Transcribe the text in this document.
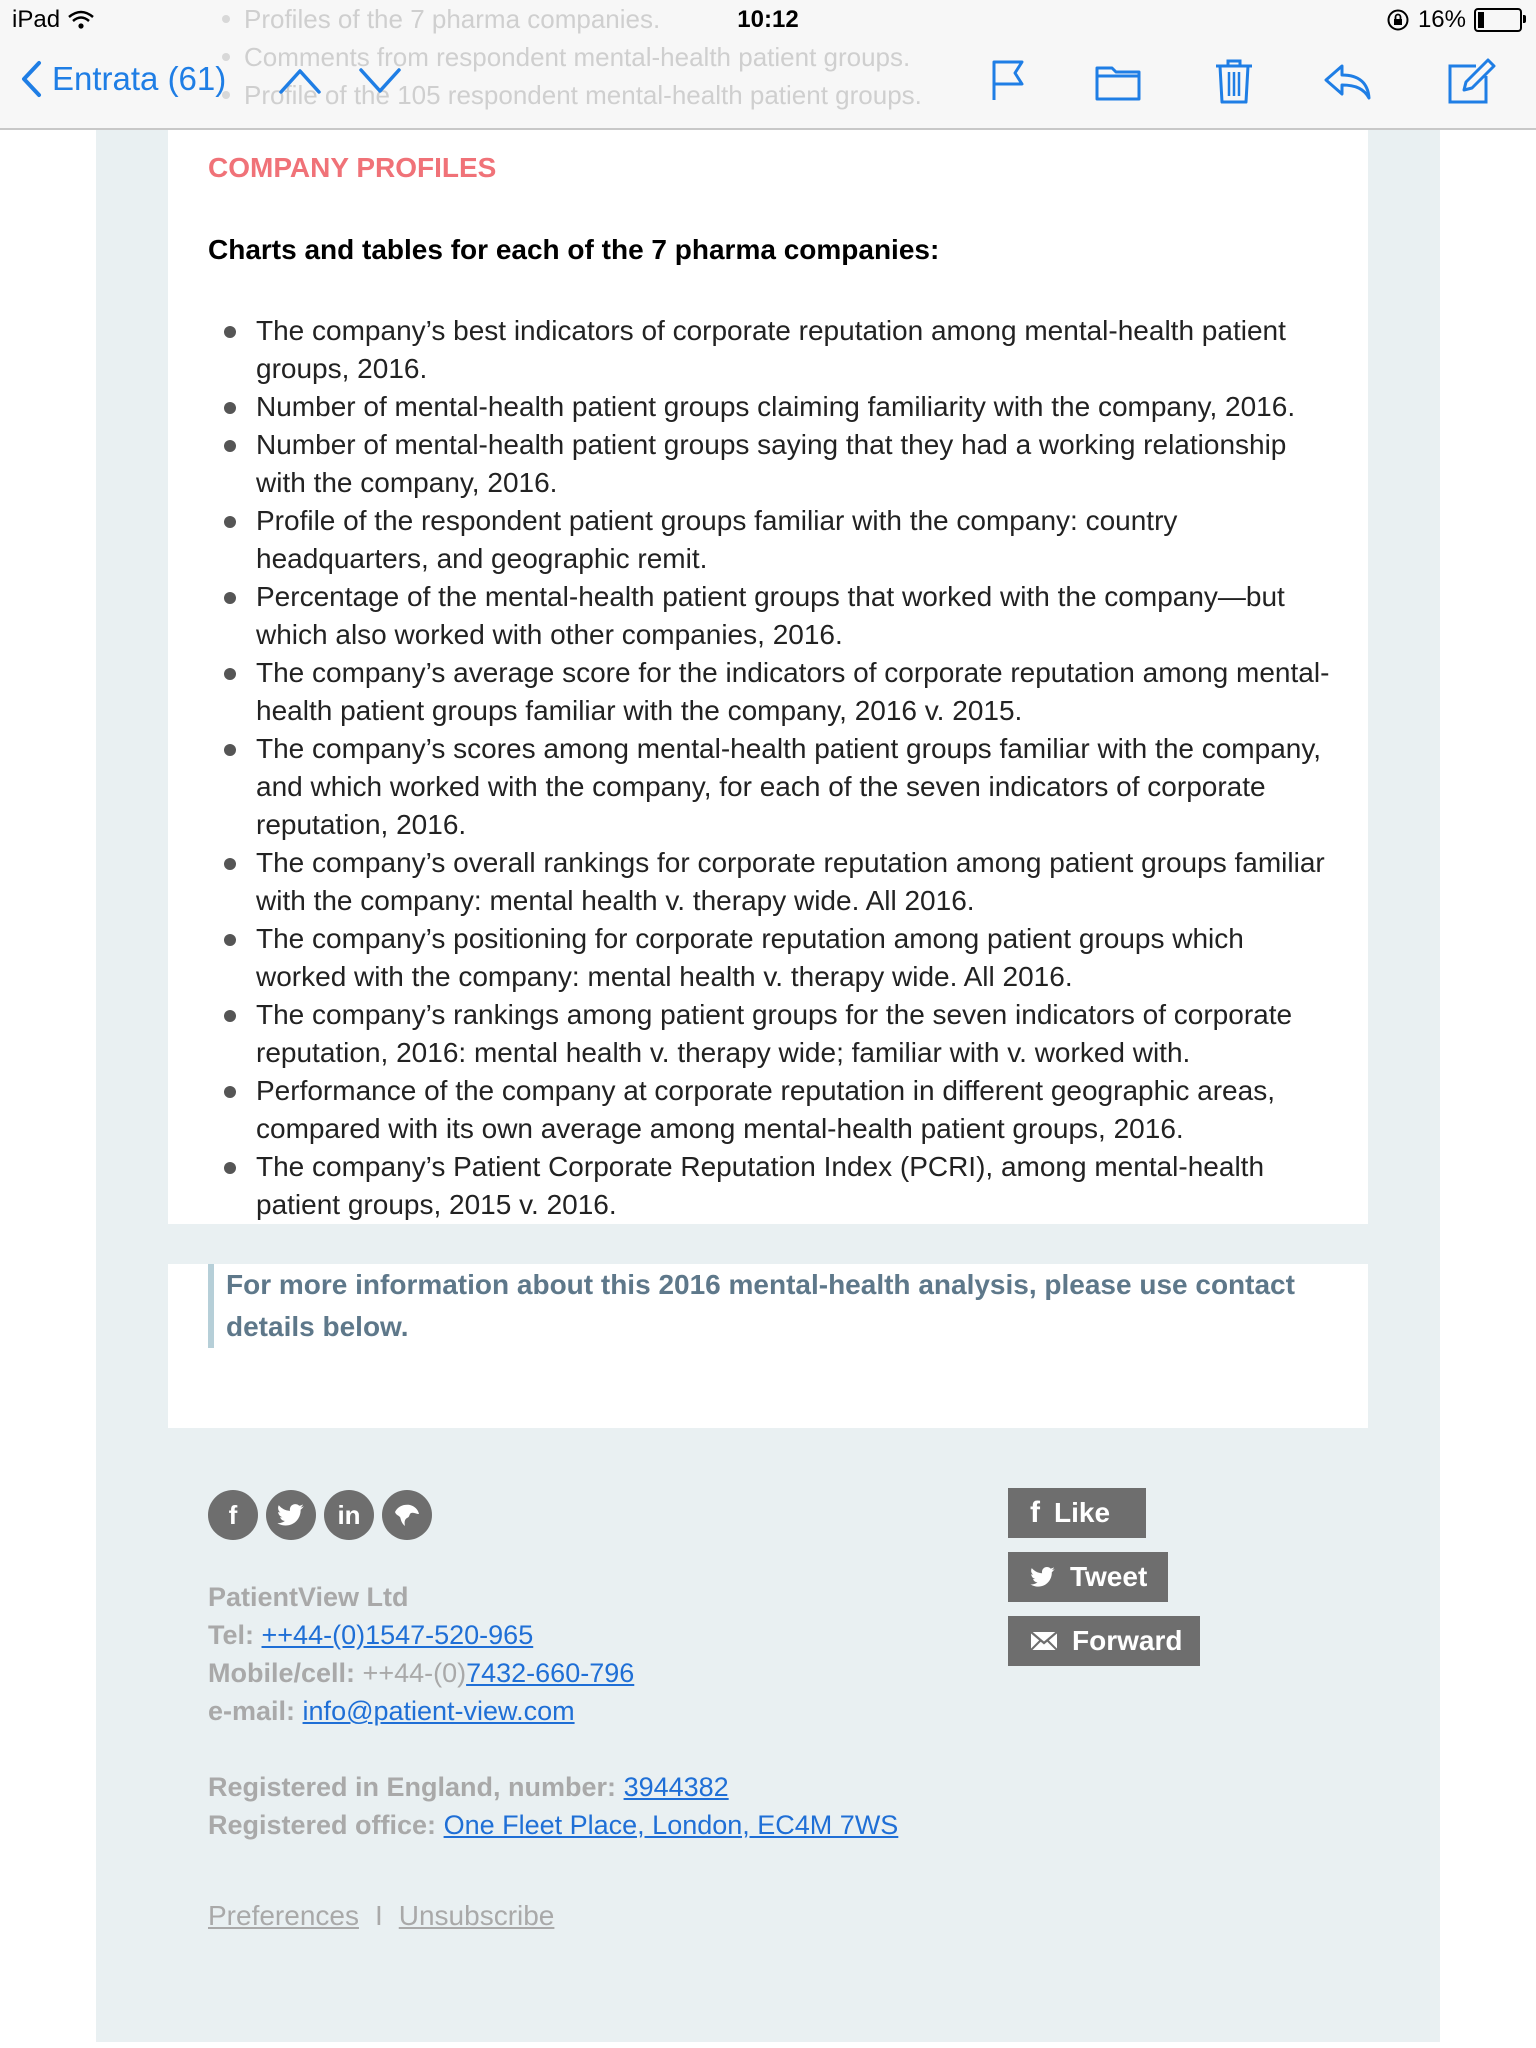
iPad	Profiles of the 7 pharma companies.
Comments from respondent mental-health patient groups.
Profile of the 105 respondent mental-health patient groups.
10:12	16%
Entrata (61)
COMPANY PROFILES
Charts and tables for each of the 7 pharma companies:
The company’s best indicators of corporate reputation among mental-health patient groups, 2016.
Number of mental-health patient groups claiming familiarity with the company, 2016.
Number of mental-health patient groups saying that they had a working relationship with the company, 2016.
Profile of the respondent patient groups familiar with the company: country headquarters, and geographic remit.
Percentage of the mental-health patient groups that worked with the company—but which also worked with other companies, 2016.
The company’s average score for the indicators of corporate reputation among mental-health patient groups familiar with the company, 2016 v. 2015.
The company’s scores among mental-health patient groups familiar with the company, and which worked with the company, for each of the seven indicators of corporate reputation, 2016.
The company’s overall rankings for corporate reputation among patient groups familiar with the company: mental health v. therapy wide. All 2016.
The company’s positioning for corporate reputation among patient groups which worked with the company: mental health v. therapy wide. All 2016.
The company’s rankings among patient groups for the seven indicators of corporate reputation, 2016: mental health v. therapy wide; familiar with v. worked with.
Performance of the company at corporate reputation in different geographic areas, compared with its own average among mental-health patient groups, 2016.
The company’s Patient Corporate Reputation Index (PCRI), among mental-health patient groups, 2015 v. 2016.
For more information about this 2016 mental-health analysis, please use contact details below.
f	in	f Like
Tweet
Forward
PatientView Ltd
Tel: ++44-(0)1547-520-965
Mobile/cell: ++44-(0)7432-660-796
e-mail: info@patient-view.com
Registered in England, number: 3944382
Registered office: One Fleet Place, London, EC4M 7WS
Preferences I Unsubscribe
